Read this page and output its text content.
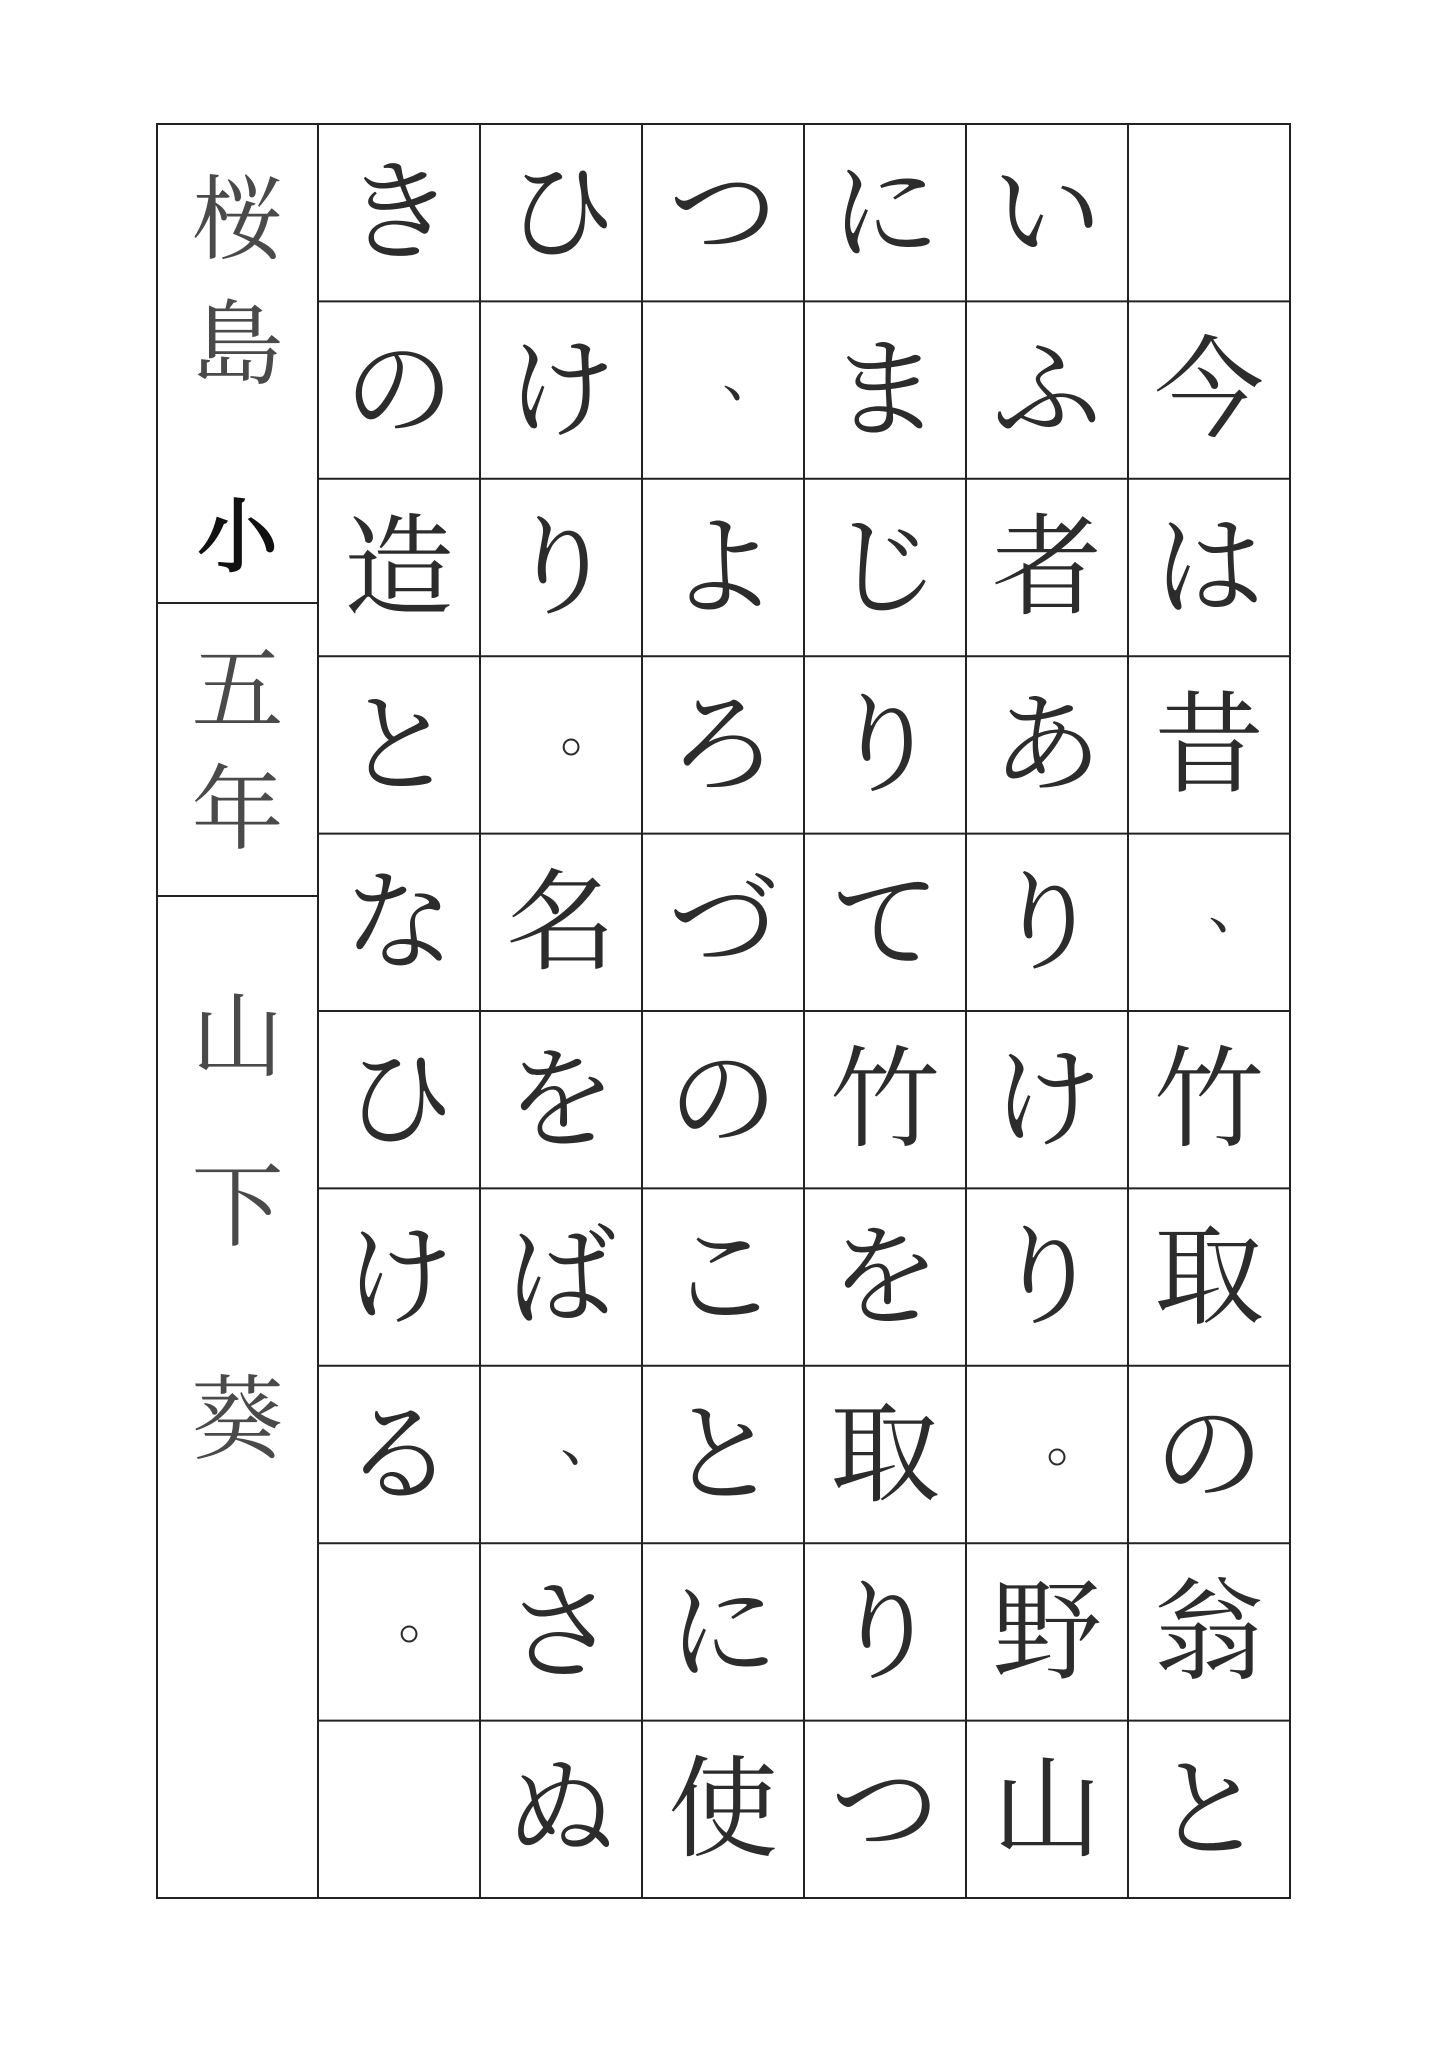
桜
島
小
五
年
山
下
葵
今
は
昔
、
竹
取
の
翁
と
い
ふ
者
あ
り
け
り
。
野
山
に
ま
じ
り
て
竹
を
取
り
つ
つ
、
よ
ろ
づ
の
こ
と
に
使
ひ
け
り
。
名
を
ば
、
さ
ぬ
き
の
造
と
な
ひ
け
る
。
